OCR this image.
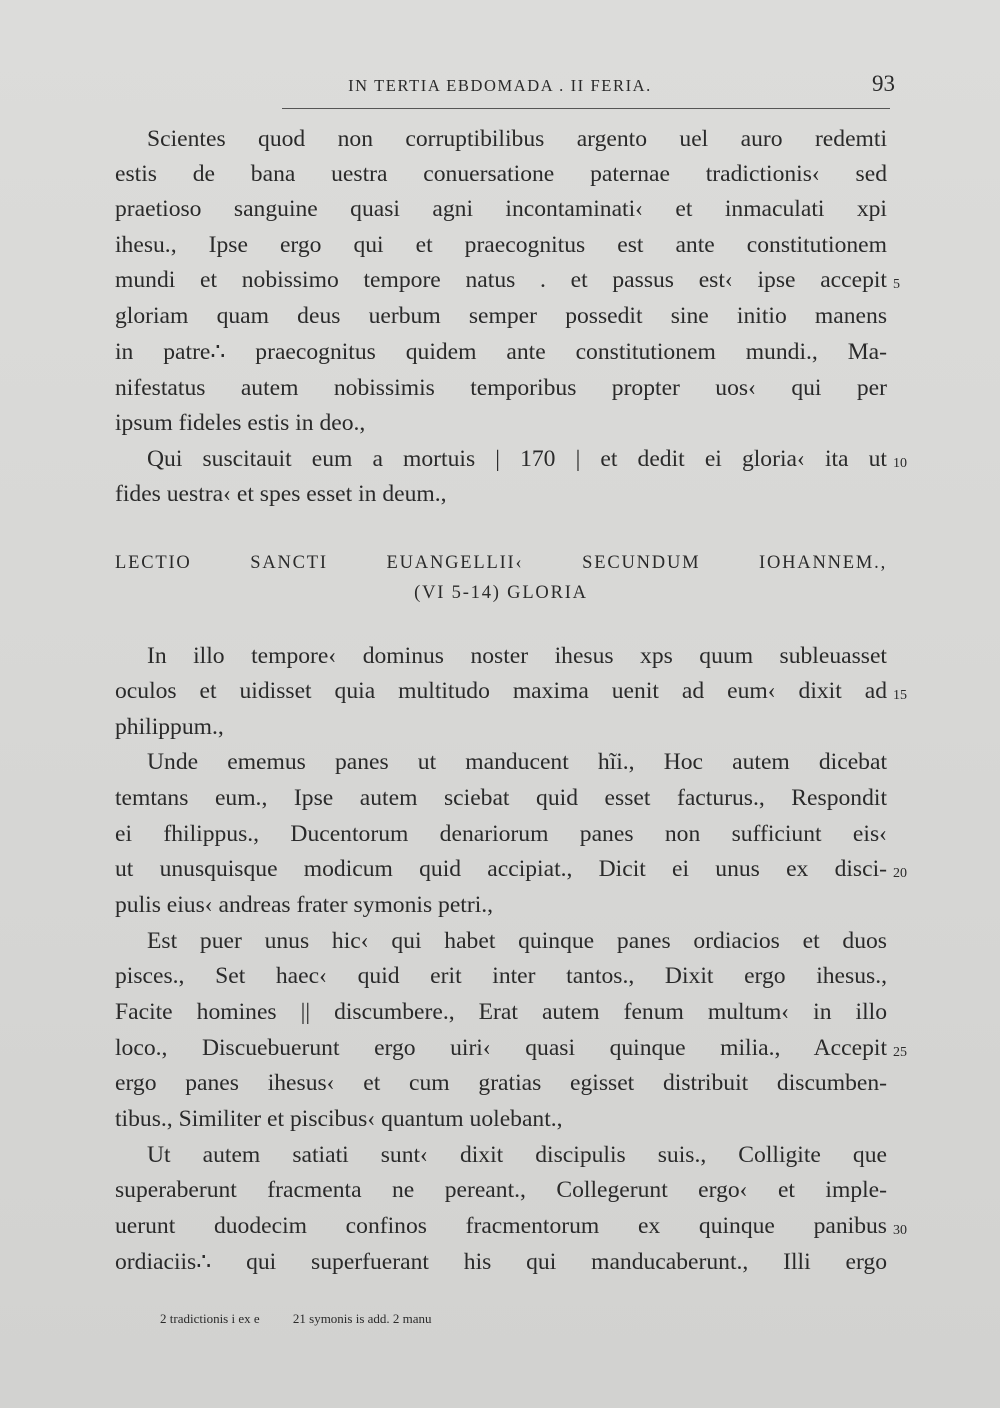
IN TERTIA EBDOMADA . II FERIA.	93
Scientes quod non corruptibilibus argento uel auro redemti
estis de bana uestra conuersatione paternae tradictionis‹ sed
praetioso sanguine quasi agni incontaminati‹ et inmaculati xpi
ihesu., Ipse ergo qui et praecognitus est ante constitutionem
mundi et nobissimo tempore natus . et passus est‹ ipse accepit
gloriam quam deus uerbum semper possedit sine initio manens
in patre∴ praecognitus quidem ante constitutionem mundi., Ma-
nifestatus autem nobissimis temporibus propter uos‹ qui per
ipsum fideles estis in deo.,
Qui suscitauit eum a mortuis | 170 | et dedit ei gloria‹ ita ut
fides uestra‹ et spes esset in deum.,
LECTIO SANCTI EUANGELLII‹ SECUNDUM IOHANNEM.,
(VI 5-14) GLORIA
In illo tempore‹ dominus noster ihesus xps quum subleuasset
oculos et uidisset quia multitudo maxima uenit ad eum‹ dixit ad
philippum.,
Unde ememus panes ut manducent hĩi., Hoc autem dicebat
temtans eum., Ipse autem sciebat quid esset facturus., Respondit
ei fhilippus., Ducentorum denariorum panes non sufficiunt eis‹
ut unusquisque modicum quid accipiat., Dicit ei unus ex disci-
pulis eius‹ andreas frater symonis petri.,
Est puer unus hic‹ qui habet quinque panes ordiacios et duos
pisces., Set haec‹ quid erit inter tantos., Dixit ergo ihesus.,
Facite homines || discumbere., Erat autem fenum multum‹ in illo
loco., Discuebuerunt ergo uiri‹ quasi quinque milia., Accepit
ergo panes ihesus‹ et cum gratias egisset distribuit discumben-
tibus., Similiter et piscibus‹ quantum uolebant.,
Ut autem satiati sunt‹ dixit discipulis suis., Colligite que
superaberunt fracmenta ne pereant., Collegerunt ergo‹ et imple-
uerunt duodecim confinos fracmentorum ex quinque panibus
ordiaciis∴ qui superfuerant his qui manducaberunt., Illi ergo
5
10
15
20
25
30
2 tradictionis i ex e	21 symonis is add. 2 manu
